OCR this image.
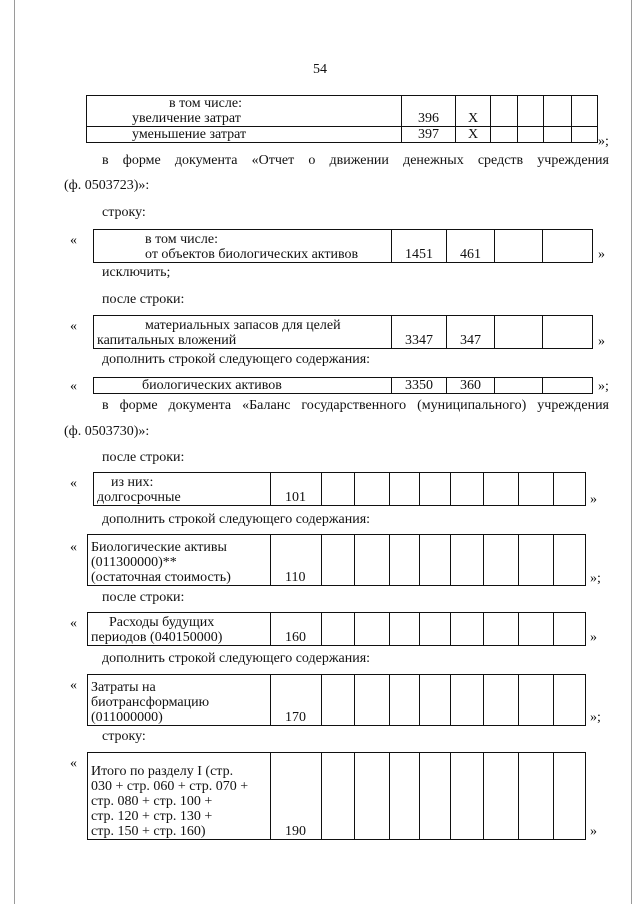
54
в том числе:						
увеличение затрат	396	X				
уменьшение затрат	397	X					»;
в форме документа «Отчет о движении денежных средств учреждения
(ф. 0503723)»:
строку:
«	в том числе:
от объектов биологических активов	1451	461			»
исключить;
после строки:
«	материальных запасов для целей
капитальных вложений	3347	347			»
дополнить строкой следующего содержания:
«	биологических активов	3350	360			»;
в форме документа «Баланс государственного (муниципального) учреждения
(ф. 0503730)»:
после строки:
«	из них:
долгосрочные	101									»
дополнить строкой следующего содержания:
« Биологические активы
(011300000)**
(остаточная стоимость)	110									»;
после строки:
«	Расходы будущих
периодов (040150000)	160									»
дополнить строкой следующего содержания:
« Затраты на
биотрансформацию
(011000000)	170									»;
строку:
«
Итого по разделу I (стр.
030 + стр. 060 + стр. 070 +
стр. 080 + стр. 100 +
стр. 120 + стр. 130 +
стр. 150 + стр. 160)	190									»
